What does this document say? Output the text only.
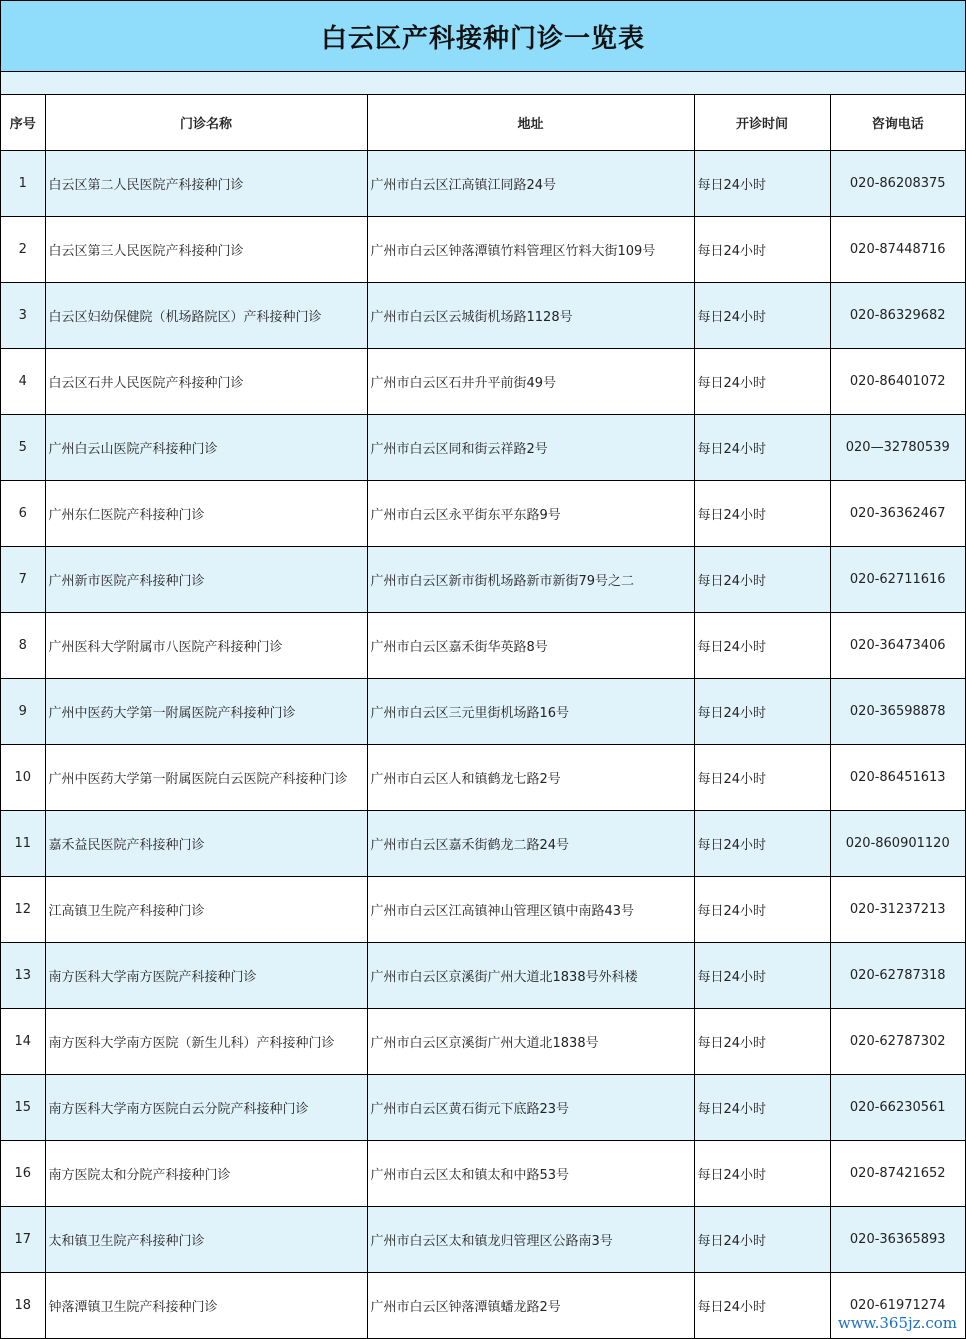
白云区产科接种门诊一览表
序号	门诊名称	地址	开诊时间	咨询电话
1	白云区第二人民医院产科接种门诊	广州市白云区江高镇江同路24号	每日24小时	020-86208375
2	白云区第三人民医院产科接种门诊	广州市白云区钟落潭镇竹料管理区竹料大街109号	每日24小时	020-87448716
3	白云区妇幼保健院（机场路院区）产科接种门诊	广州市白云区云城街机场路1128号	每日24小时	020-86329682
4	白云区石井人民医院产科接种门诊	广州市白云区石井升平前街49号	每日24小时	020-86401072
5	广州白云山医院产科接种门诊	广州市白云区同和街云祥路2号	每日24小时	020—32780539
6	广州东仁医院产科接种门诊	广州市白云区永平街东平东路9号	每日24小时	020-36362467
7	广州新市医院产科接种门诊	广州市白云区新市街机场路新市新街79号之二	每日24小时	020-62711616
8	广州医科大学附属市八医院产科接种门诊	广州市白云区嘉禾街华英路8号	每日24小时	020-36473406
9	广州中医药大学第一附属医院产科接种门诊	广州市白云区三元里街机场路16号	每日24小时	020-36598878
10	广州中医药大学第一附属医院白云医院产科接种门诊	广州市白云区人和镇鹤龙七路2号	每日24小时	020-86451613
11	嘉禾益民医院产科接种门诊	广州市白云区嘉禾街鹤龙二路24号	每日24小时	020-860901120
12	江高镇卫生院产科接种门诊	广州市白云区江高镇神山管理区镇中南路43号	每日24小时	020-31237213
13	南方医科大学南方医院产科接种门诊	广州市白云区京溪街广州大道北1838号外科楼	每日24小时	020-62787318
14	南方医科大学南方医院（新生儿科）产科接种门诊	广州市白云区京溪街广州大道北1838号	每日24小时	020-62787302
15	南方医科大学南方医院白云分院产科接种门诊	广州市白云区黄石街元下底路23号	每日24小时	020-66230561
16	南方医院太和分院产科接种门诊	广州市白云区太和镇太和中路53号	每日24小时	020-87421652
17	太和镇卫生院产科接种门诊	广州市白云区太和镇龙归管理区公路南3号	每日24小时	020-36365893
18	钟落潭镇卫生院产科接种门诊	广州市白云区钟落潭镇蟠龙路2号	每日24小时	020-61971274
www.365jz.com
